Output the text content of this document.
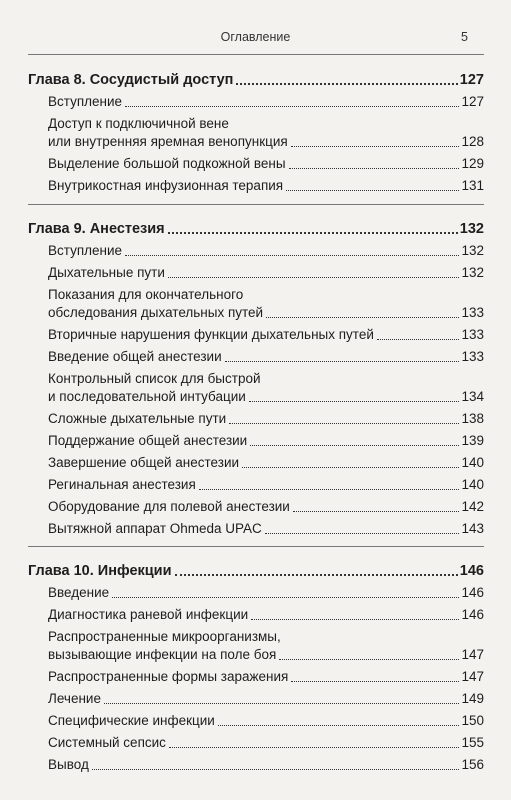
Оглавление	5
Глава 8. Сосудистый доступ	127
Вступление	127
Доступ к подключичной вене
или внутренняя яремная венопункция	128
Выделение большой подкожной вены	129
Внутрикостная инфузионная терапия	131
Глава 9. Анестезия	132
Вступление	132
Дыхательные пути	132
Показания для окончательного
обследования дыхательных путей	133
Вторичные нарушения функции дыхательных путей	133
Введение общей анестезии	133
Контрольный список для быстрой
и последовательной интубации	134
Сложные дыхательные пути	138
Поддержание общей анестезии	139
Завершение общей анестезии	140
Регинальная анестезия	140
Оборудование для полевой анестезии	142
Вытяжной аппарат Ohmeda UPAC	143
Глава 10. Инфекции	146
Введение	146
Диагностика раневой инфекции	146
Распространенные микроорганизмы,
вызывающие инфекции на поле боя	147
Распространенные формы заражения	147
Лечение	149
Специфические инфекции	150
Системный сепсис	155
Вывод	156
